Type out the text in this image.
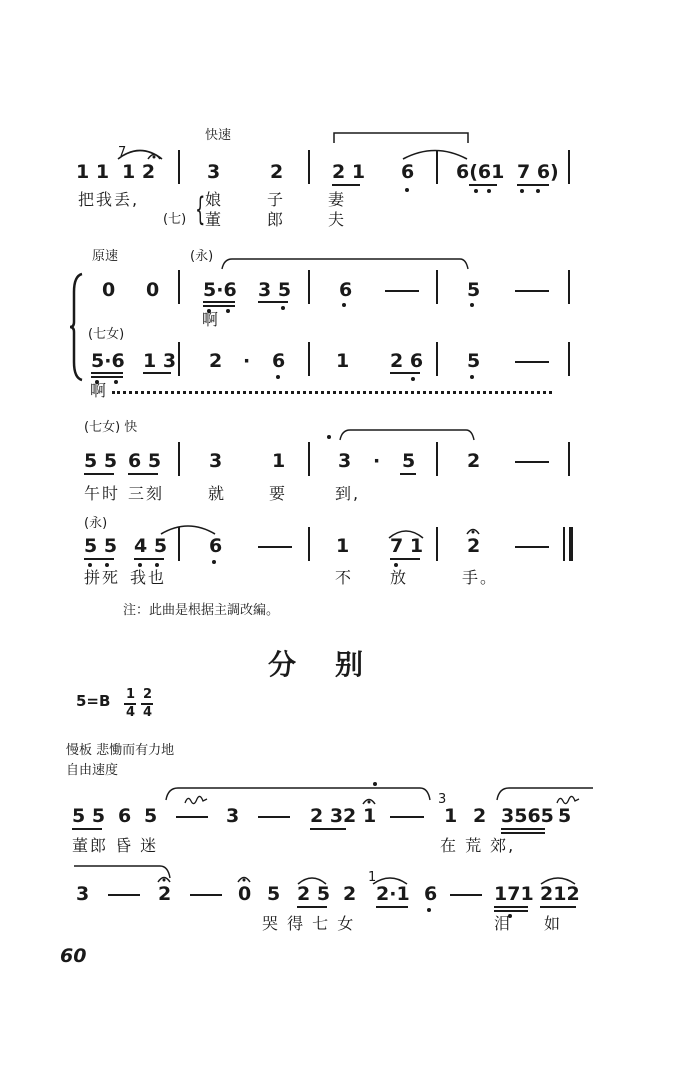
快速
1 1
7
1 2	3	2	2 1 6 6(61 7 6)
把我丢,	娘	子	妻
(七) { 董	郎	夫
原速	(永)
0 0 5·6 3 5	6	5
啊
(七女)
5·6 1 3 2 · 6	1 2 6 5
啊
(七女) 快
5 5 6 5	3	1	3 · 5	2
午时 三刻	就	要	到,
(永)
5 5 4 5 6	1 7 1 2
拼死 我也	不 放	手。
注：此曲是根据主調改編。
分 别
5=B 1
4
2
4
慢板 悲慟而有力地
自由速度
5 5 6 5	3	2 32 1
3
1 2 3565 5
董郎 昏 迷	在 荒 郊,
3	2	0 5 2 5 2
1
2·1 6	171 212
哭 得 七 女	泪 如
60
